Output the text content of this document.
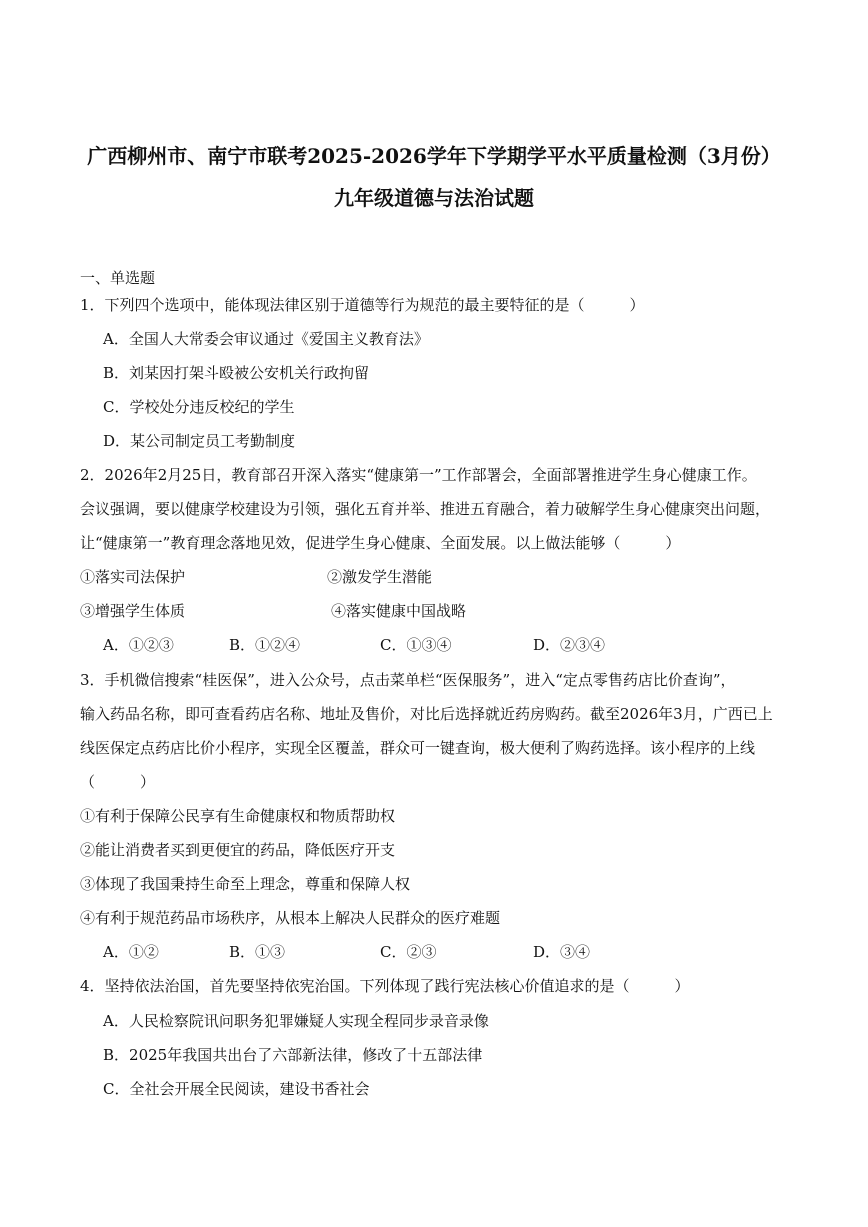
广西柳州市、南宁市联考2025-2026学年下学期学平水平质量检测（3月份）
九年级道德与法治试题
一、单选题
1．下列四个选项中，能体现法律区别于道德等行为规范的最主要特征的是（　　　）
A．全国人大常委会审议通过《爱国主义教育法》
B．刘某因打架斗殴被公安机关行政拘留
C．学校处分违反校纪的学生
D．某公司制定员工考勤制度
2．2026年2月25日，教育部召开深入落实“健康第一”工作部署会，全面部署推进学生身心健康工作。
会议强调，要以健康学校建设为引领，强化五育并举、推进五育融合，着力破解学生身心健康突出问题，
让“健康第一”教育理念落地见效，促进学生身心健康、全面发展。以上做法能够（　　　）
①落实司法保护	②激发学生潜能
③增强学生体质	④落实健康中国战略
A．①②③	B．①②④	C．①③④	D．②③④
3．手机微信搜索“桂医保”，进入公众号，点击菜单栏“医保服务”，进入“定点零售药店比价查询”，
输入药品名称，即可查看药店名称、地址及售价，对比后选择就近药房购药。截至2026年3月，广西已上
线医保定点药店比价小程序，实现全区覆盖，群众可一键查询，极大便利了购药选择。该小程序的上线
（　　　）
①有利于保障公民享有生命健康权和物质帮助权
②能让消费者买到更便宜的药品，降低医疗开支
③体现了我国秉持生命至上理念，尊重和保障人权
④有利于规范药品市场秩序，从根本上解决人民群众的医疗难题
A．①②	B．①③	C．②③	D．③④
4．坚持依法治国，首先要坚持依宪治国。下列体现了践行宪法核心价值追求的是（　　　）
A．人民检察院讯问职务犯罪嫌疑人实现全程同步录音录像
B．2025年我国共出台了六部新法律，修改了十五部法律
C．全社会开展全民阅读，建设书香社会
